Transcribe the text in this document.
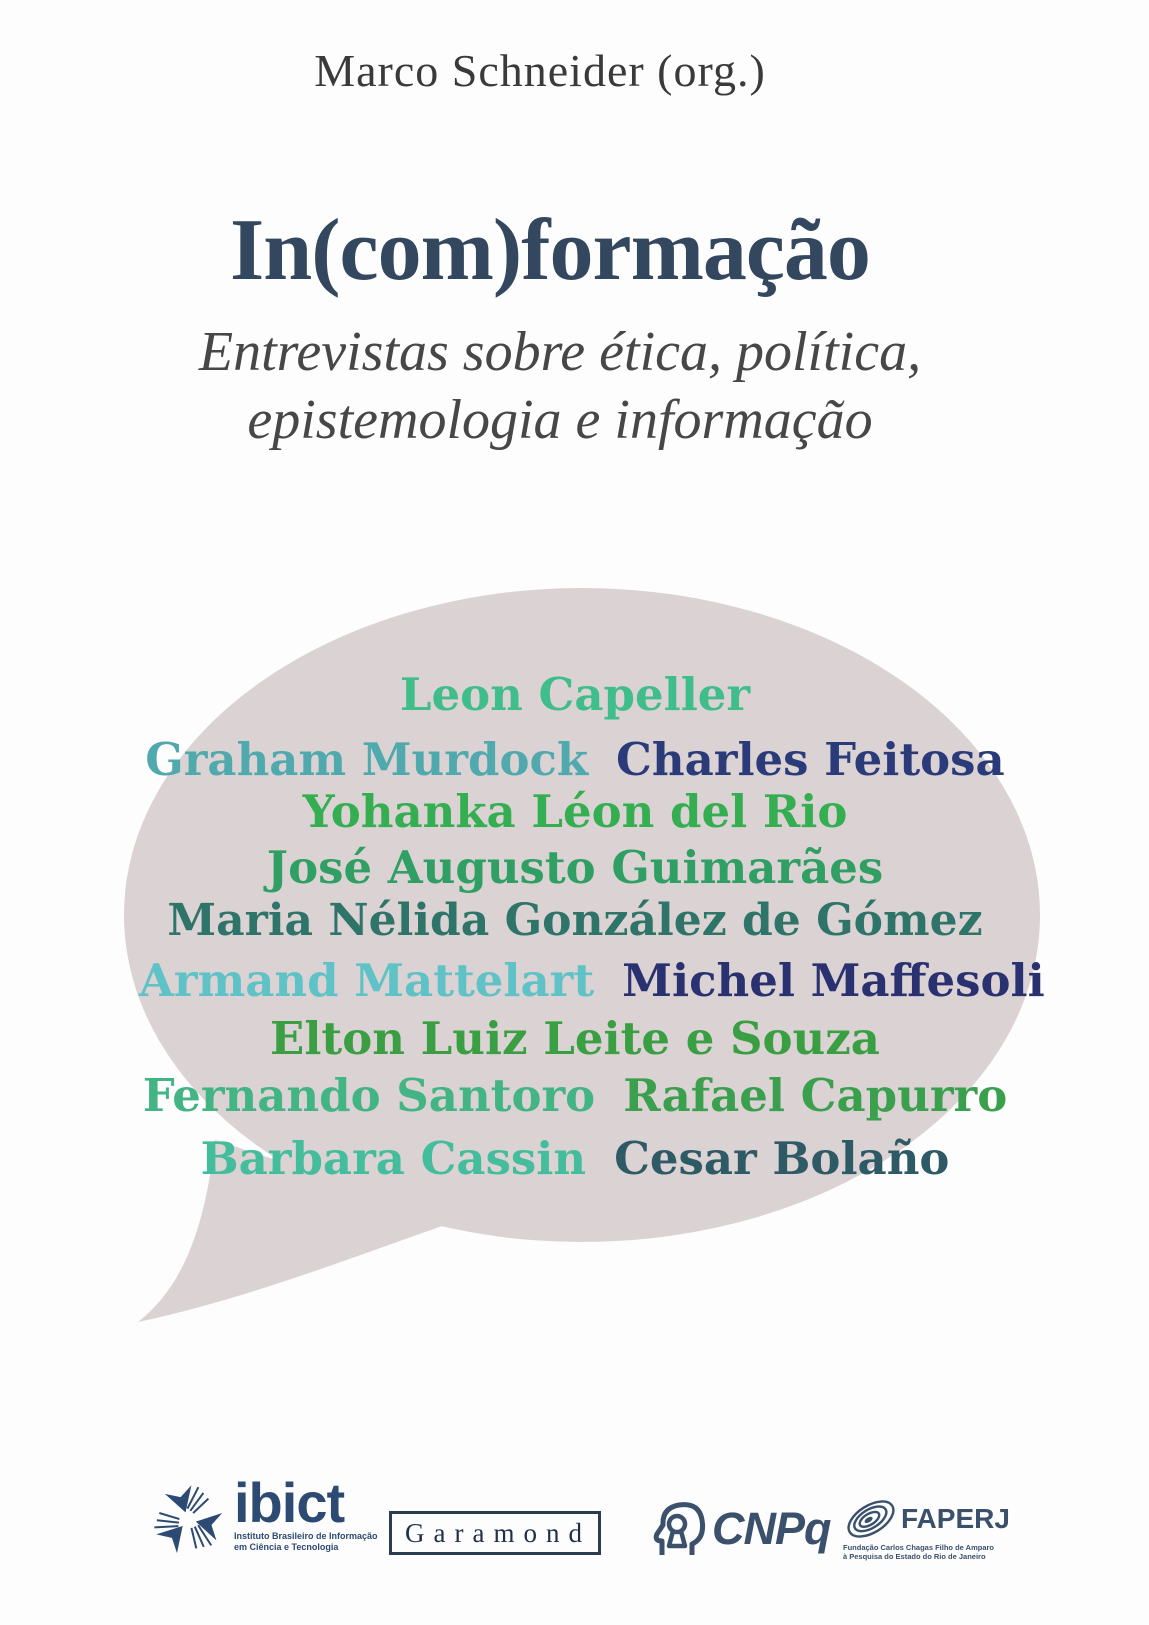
Marco Schneider (org.)
In(com)formação
Entrevistas sobre ética, política,
epistemologia e informação
Leon Capeller
Graham Murdock Charles Feitosa
Yohanka Léon del Rio
José Augusto Guimarães
Maria Nélida González de Gómez
Armand Mattelart Michel Maffesoli
Elton Luiz Leite e Souza
Fernando Santoro Rafael Capurro
Barbara Cassin Cesar Bolaño
ibict
Instituto Brasileiro de Informação
em Ciência e Tecnologia	Garamond	CNPq	FAPERJ
Fundação Carlos Chagas Filho de Amparo
à Pesquisa do Estado do Rio de Janeiro
